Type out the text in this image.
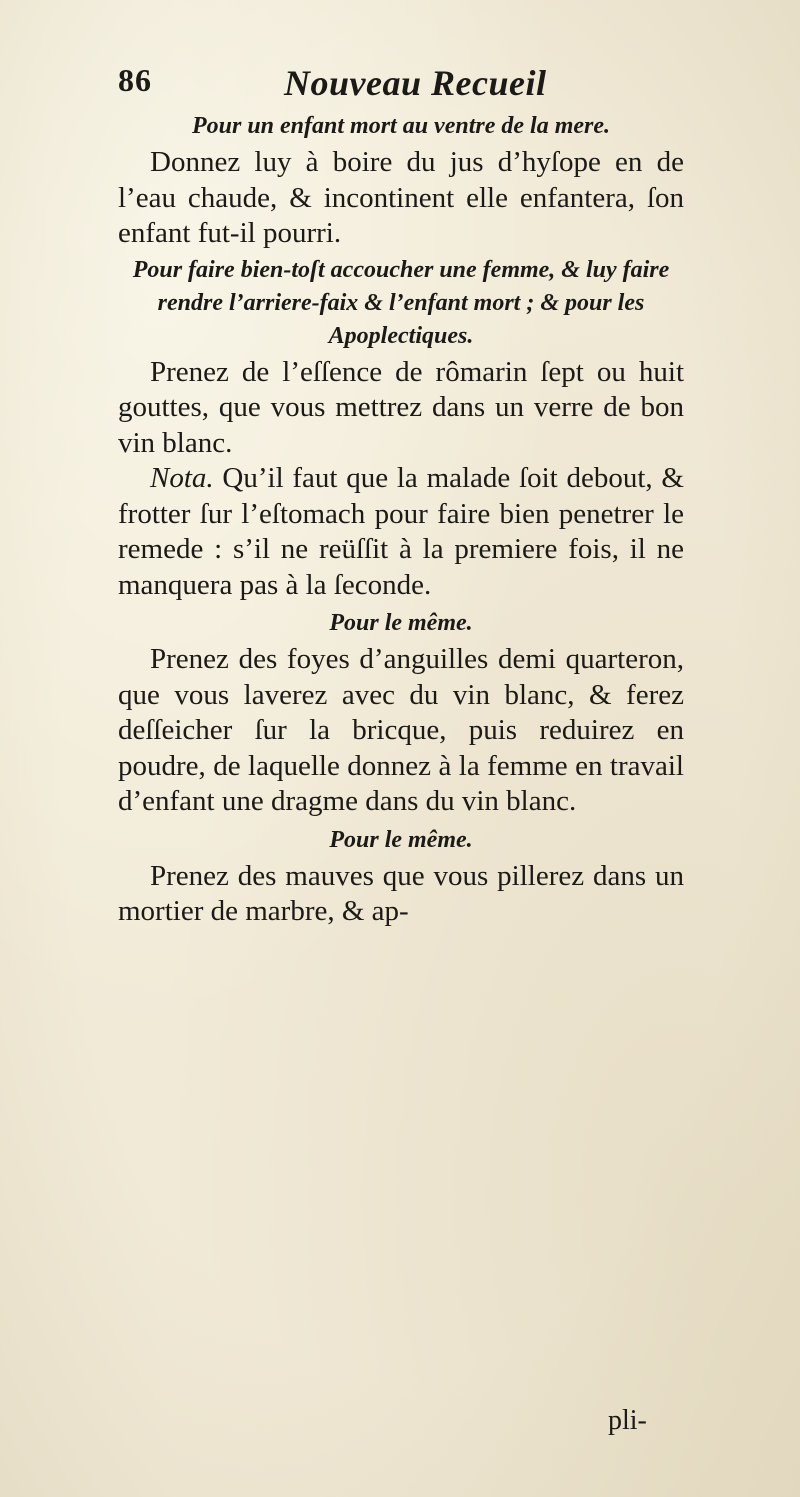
86	Nouveau Recueil

Pour un enfant mort au ventre de la mere.

Donnez luy à boire du jus d’hyſope en de l’eau chaude, & incontinent elle enfantera, ſon enfant fut-il pourri.

Pour faire bien-toſt accoucher une femme, & luy faire rendre l’arriere-faix & l’enfant mort ; & pour les Apoplectiques.

Prenez de l’eſſence de rômarin ſept ou huit gouttes, que vous mettrez dans un verre de bon vin blanc.

Nota. Qu’il faut que la malade ſoit debout, & frotter ſur l’eſtomach pour faire bien penetrer le remede : s’il ne reüſſit à la premiere fois, il ne manquera pas à la ſeconde.

Pour le même.

Prenez des foyes d’anguilles demi quarteron, que vous laverez avec du vin blanc, & ferez deſſeicher ſur la bricque, puis reduirez en poudre, de laquelle donnez à la femme en travail d’enfant une dragme dans du vin blanc.

Pour le même.

Prenez des mauves que vous pillerez dans un mortier de marbre, & ap-

pli-
